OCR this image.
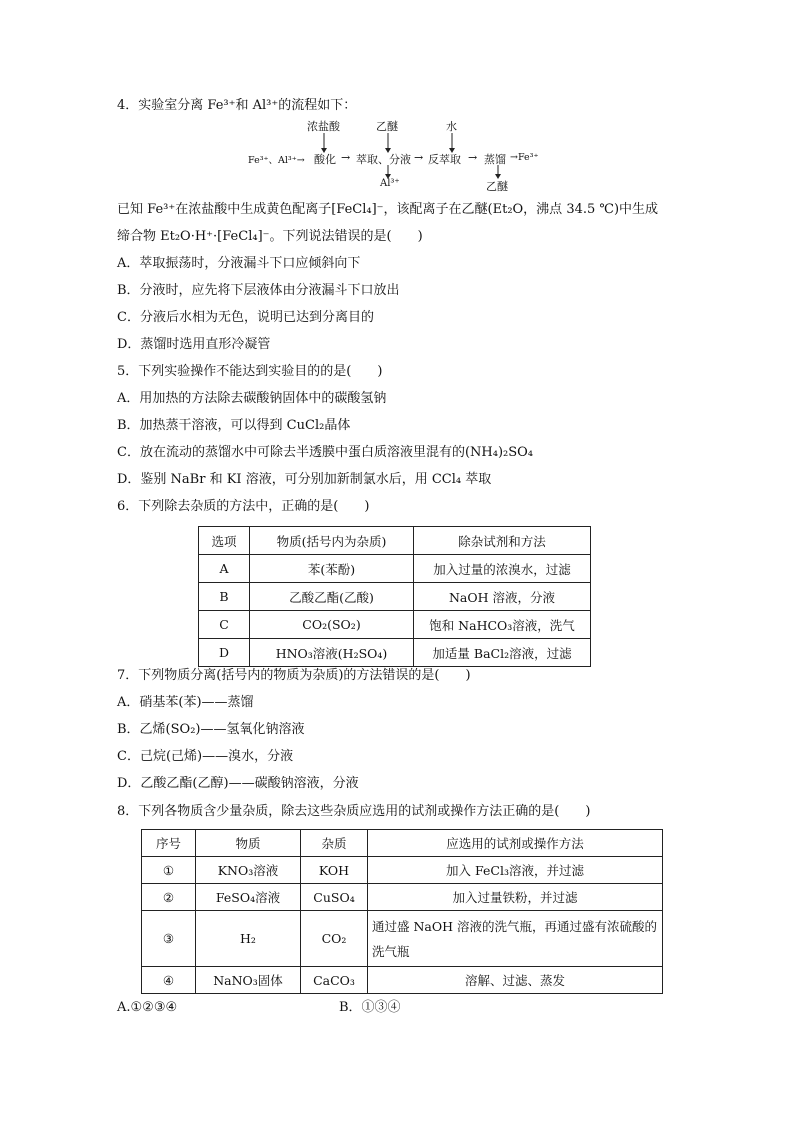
4．实验室分离 Fe³⁺和 Al³⁺的流程如下：
浓盐酸	乙醚	水
Fe³⁺、Al³⁺→ 酸化 → 萃取、分液 → 反萃取 → 蒸馏 →Fe³⁺
Al³⁺	乙醚
已知 Fe³⁺在浓盐酸中生成黄色配离子[FeCl₄]⁻，该配离子在乙醚(Et₂O，沸点 34.5 ℃)中生成
缔合物 Et₂O·H⁺·[FeCl₄]⁻。下列说法错误的是(　　)
A．萃取振荡时，分液漏斗下口应倾斜向下
B．分液时，应先将下层液体由分液漏斗下口放出
C．分液后水相为无色，说明已达到分离目的
D．蒸馏时选用直形冷凝管
5．下列实验操作不能达到实验目的的是(　　)
A．用加热的方法除去碳酸钠固体中的碳酸氢钠
B．加热蒸干溶液，可以得到 CuCl₂晶体
C．放在流动的蒸馏水中可除去半透膜中蛋白质溶液里混有的(NH₄)₂SO₄
D．鉴别 NaBr 和 KI 溶液，可分别加新制氯水后，用 CCl₄ 萃取
6．下列除去杂质的方法中，正确的是(　　)
选项	物质(括号内为杂质)	除杂试剂和方法
A	苯(苯酚)	加入过量的浓溴水，过滤
B	乙酸乙酯(乙酸)	NaOH 溶液，分液
C	CO₂(SO₂)	饱和 NaHCO₃溶液，洗气
D	HNO₃溶液(H₂SO₄)	加适量 BaCl₂溶液，过滤
7．下列物质分离(括号内的物质为杂质)的方法错误的是(　　)
A．硝基苯(苯)——蒸馏
B．乙烯(SO₂)——氢氧化钠溶液
C．己烷(己烯)——溴水，分液
D．乙酸乙酯(乙醇)——碳酸钠溶液，分液
8．下列各物质含少量杂质，除去这些杂质应选用的试剂或操作方法正确的是(　　)
序号	物质	杂质	应选用的试剂或操作方法
①	KNO₃溶液	KOH	加入 FeCl₃溶液，并过滤
②	FeSO₄溶液	CuSO₄	加入过量铁粉，并过滤
③	H₂	CO₂	通过盛 NaOH 溶液的洗气瓶，再通过盛有浓硫酸的洗气瓶
④	NaNO₃固体	CaCO₃	溶解、过滤、蒸发
A.①②③④	B．①③④
